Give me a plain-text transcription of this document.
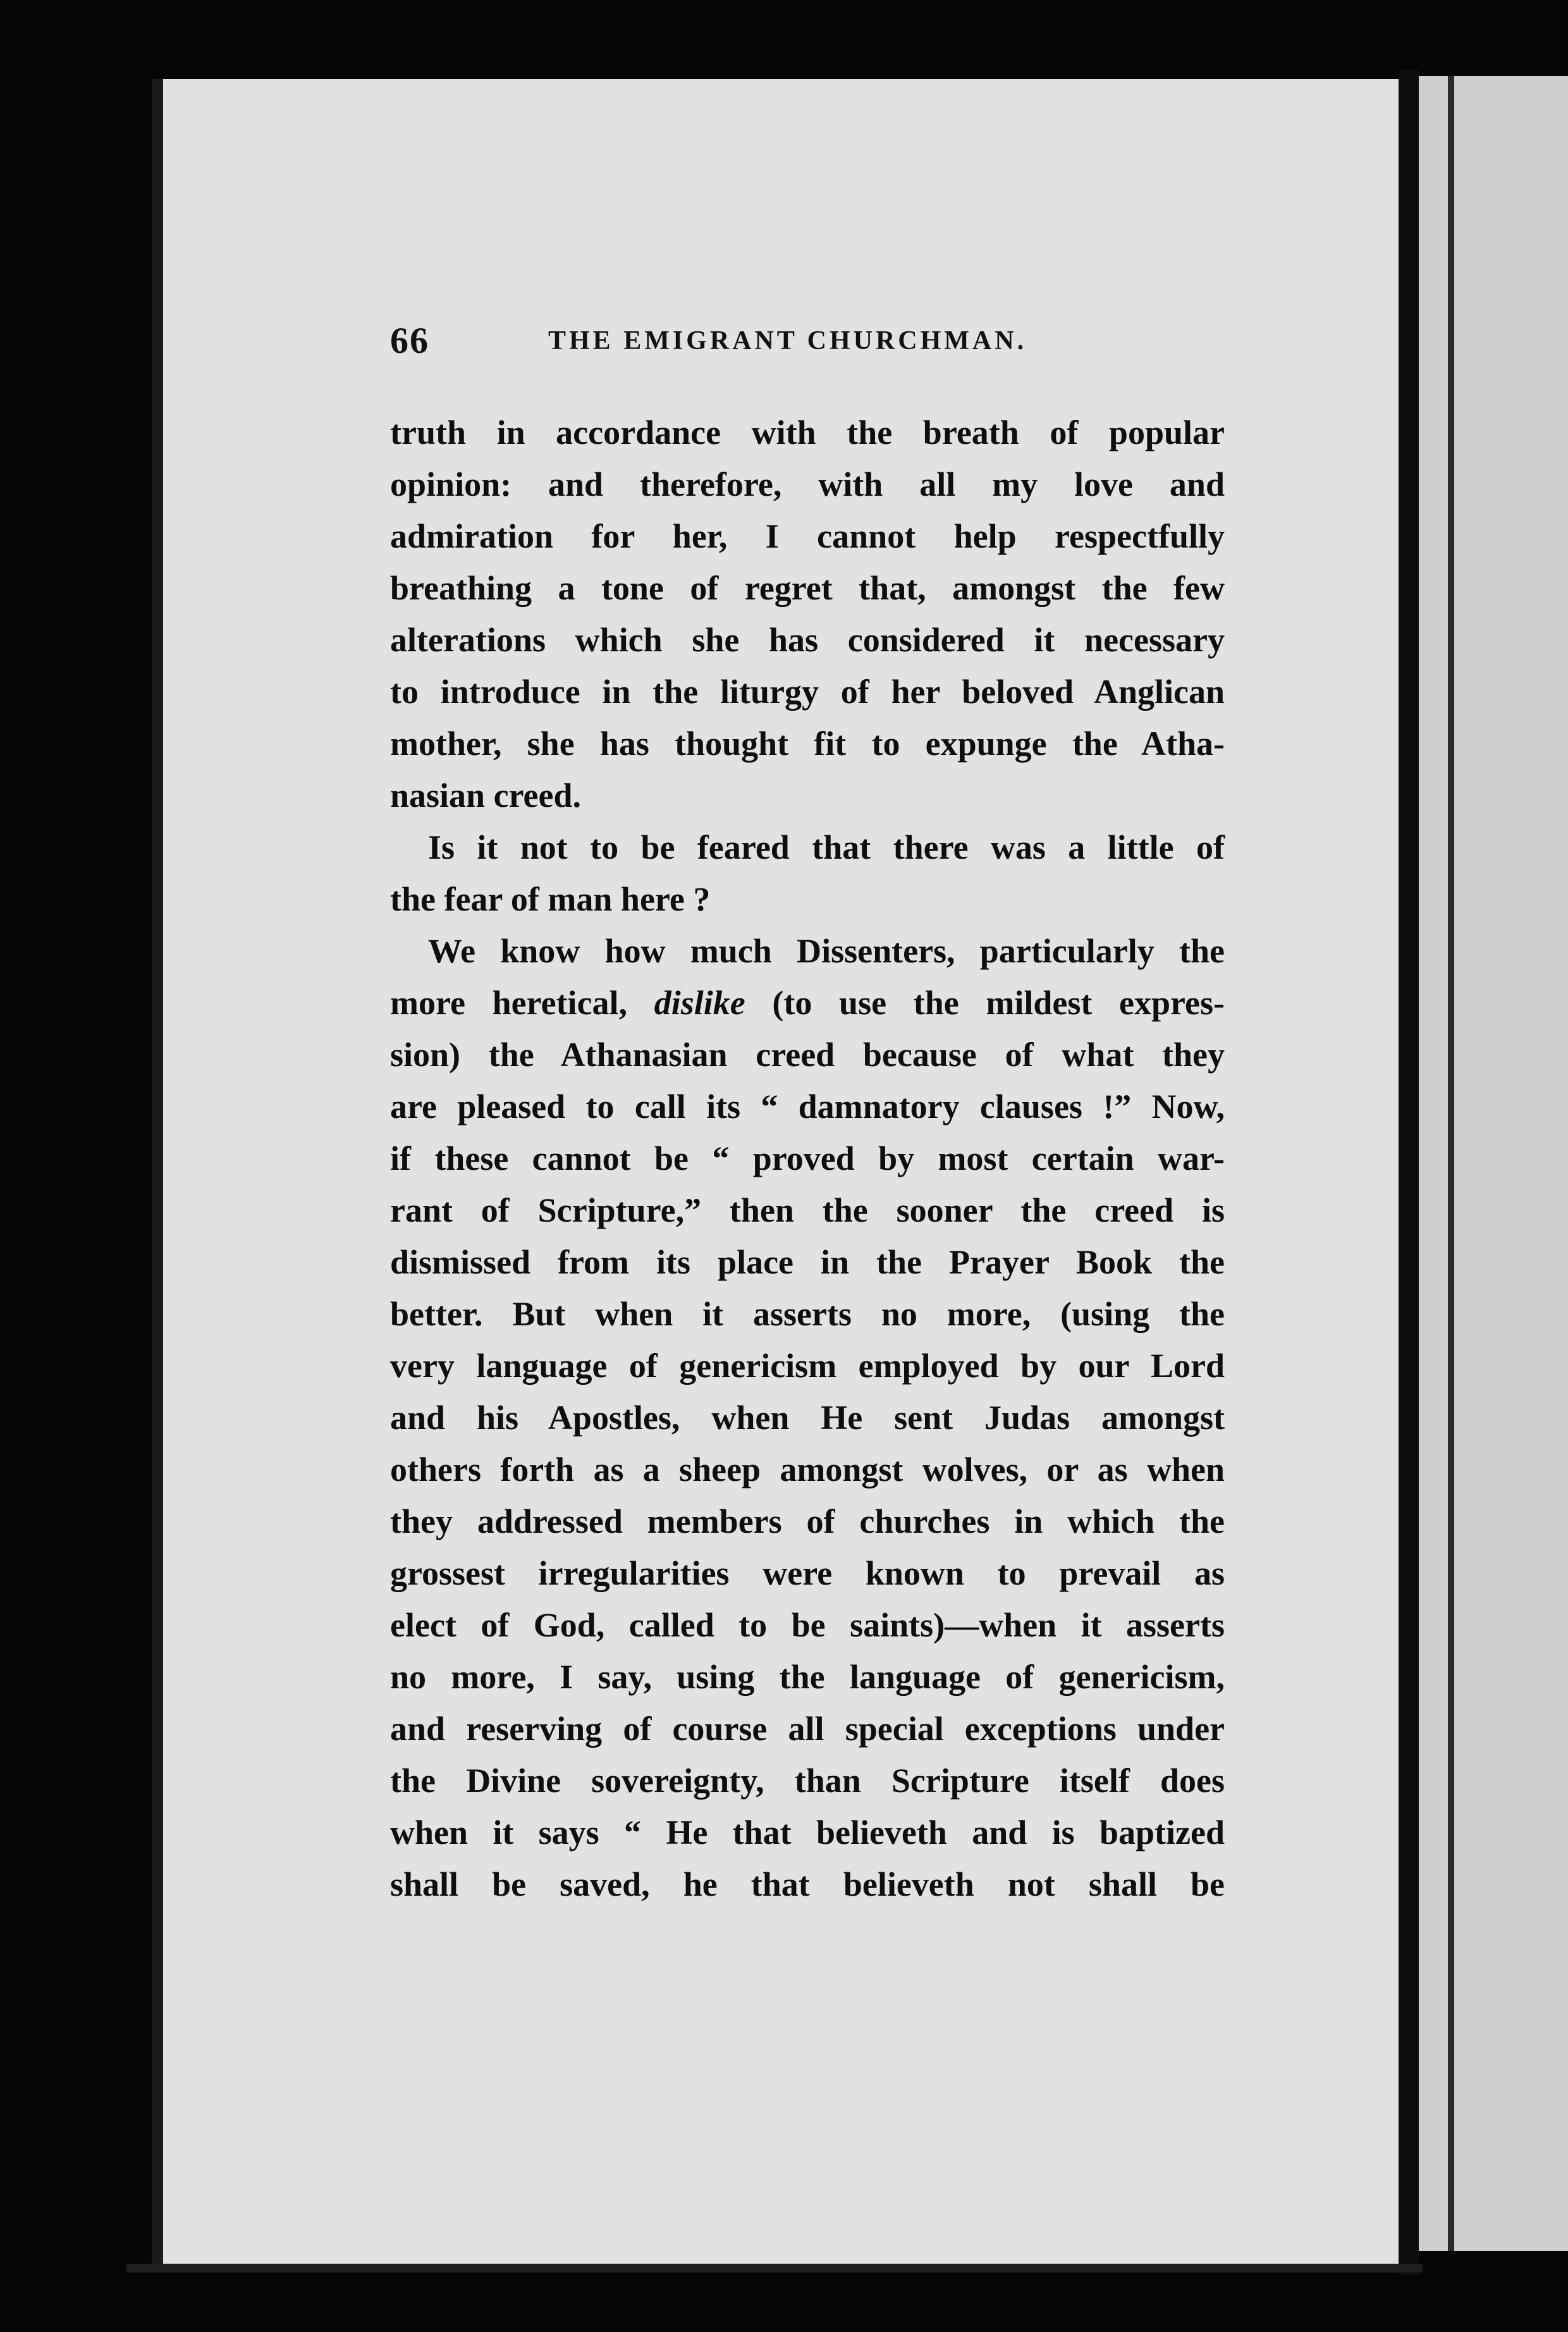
66	THE EMIGRANT CHURCHMAN.
truth in accordance with the breath of popular
opinion: and therefore, with all my love and
admiration for her, I cannot help respectfully
breathing a tone of regret that, amongst the few
alterations which she has considered it necessary
to introduce in the liturgy of her beloved Anglican
mother, she has thought fit to expunge the Atha-
nasian creed.
Is it not to be feared that there was a little of
the fear of man here ?
We know how much Dissenters, particularly the
more heretical, dislike (to use the mildest expres-
sion) the Athanasian creed because of what they
are pleased to call its “ damnatory clauses !” Now,
if these cannot be “ proved by most certain war-
rant of Scripture,” then the sooner the creed is
dismissed from its place in the Prayer Book the
better. But when it asserts no more, (using the
very language of genericism employed by our Lord
and his Apostles, when He sent Judas amongst
others forth as a sheep amongst wolves, or as when
they addressed members of churches in which the
grossest irregularities were known to prevail as
elect of God, called to be saints)—when it asserts
no more, I say, using the language of genericism,
and reserving of course all special exceptions under
the Divine sovereignty, than Scripture itself does
when it says “ He that believeth and is baptized
shall be saved, he that believeth not shall be
